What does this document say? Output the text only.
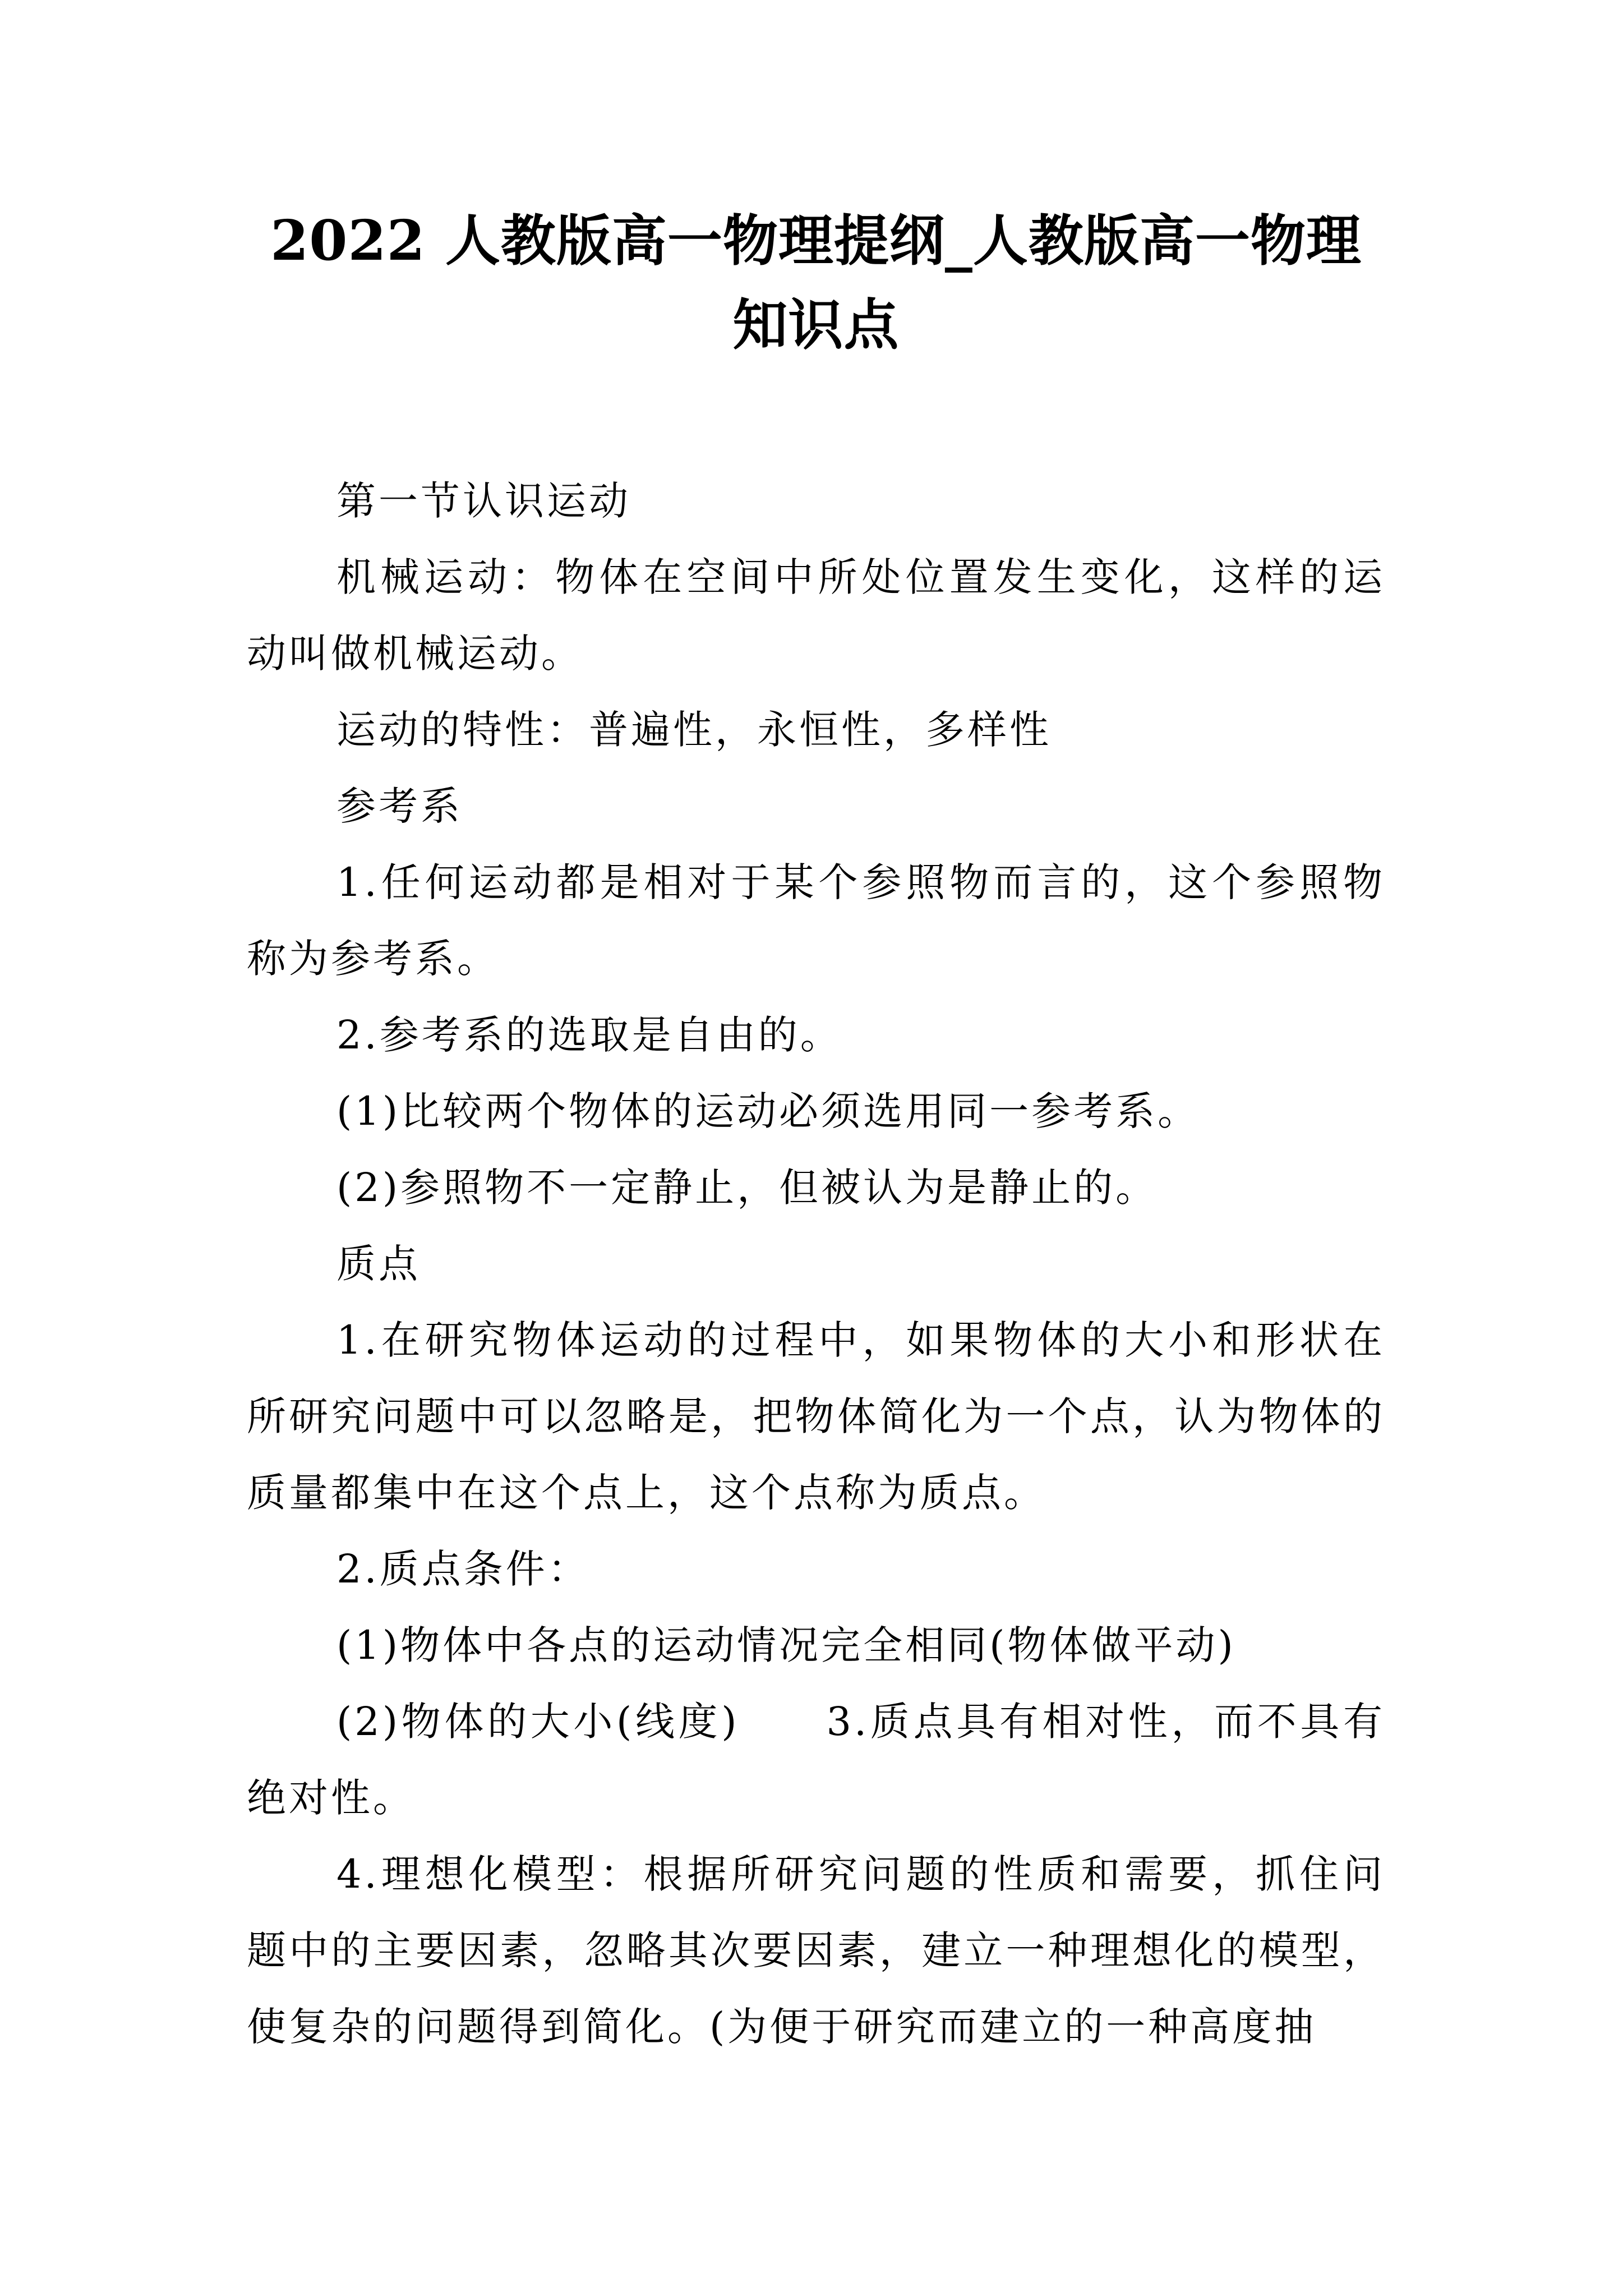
2022 人教版高一物理提纲_人教版高一物理知识点

第一节认识运动

机械运动：物体在空间中所处位置发生变化，这样的运动叫做机械运动。

运动的特性：普遍性，永恒性，多样性

参考系

1.任何运动都是相对于某个参照物而言的，这个参照物称为参考系。

2.参考系的选取是自由的。

(1)比较两个物体的运动必须选用同一参考系。

(2)参照物不一定静止，但被认为是静止的。

质点

1.在研究物体运动的过程中，如果物体的大小和形状在所研究问题中可以忽略是，把物体简化为一个点，认为物体的质量都集中在这个点上，这个点称为质点。

2.质点条件：

(1)物体中各点的运动情况完全相同(物体做平动)

(2)物体的大小(线度)　　3.质点具有相对性，而不具有绝对性。

4.理想化模型：根据所研究问题的性质和需要，抓住问题中的主要因素，忽略其次要因素，建立一种理想化的模型，使复杂的问题得到简化。(为便于研究而建立的一种高度抽
